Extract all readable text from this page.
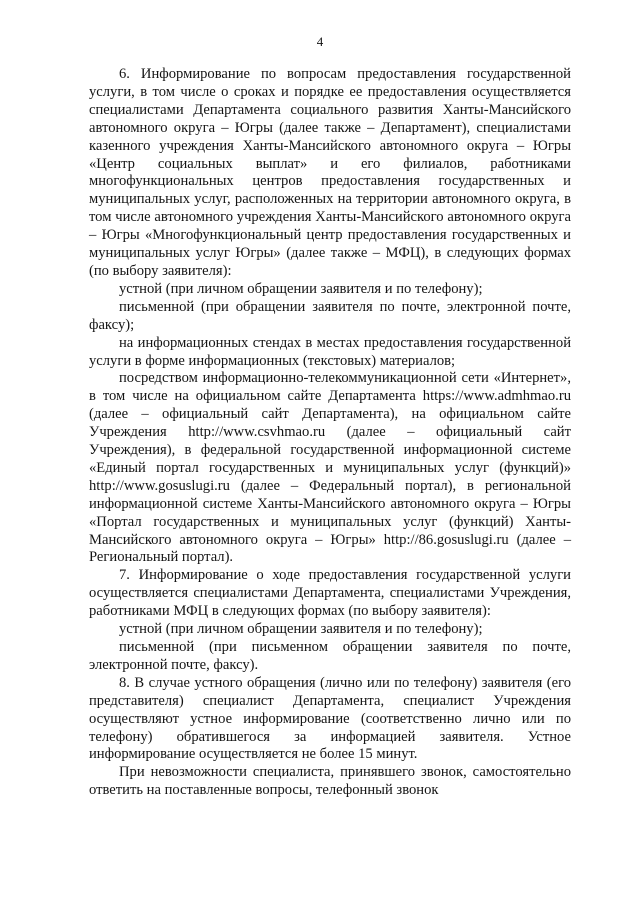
4

6. Информирование по вопросам предоставления государственной услуги, в том числе о сроках и порядке ее предоставления осуществляется специалистами Департамента социального развития Ханты-Мансийского автономного округа – Югры (далее также – Департамент), специалистами казенного учреждения Ханты-Мансийского автономного округа – Югры «Центр социальных выплат» и его филиалов, работниками многофункциональных центров предоставления государственных и муниципальных услуг, расположенных на территории автономного округа, в том числе автономного учреждения Ханты-Мансийского автономного округа – Югры «Многофункциональный центр предоставления государственных и муниципальных услуг Югры» (далее также – МФЦ), в следующих формах (по выбору заявителя):

устной (при личном обращении заявителя и по телефону);

письменной (при обращении заявителя по почте, электронной почте, факсу);

на информационных стендах в местах предоставления государственной услуги в форме информационных (текстовых) материалов;

посредством информационно-телекоммуникационной сети «Интернет», в том числе на официальном сайте Департамента https://www.admhmao.ru (далее – официальный сайт Департамента), на официальном сайте Учреждения http://www.csvhmao.ru (далее – официальный сайт Учреждения), в федеральной государственной информационной системе «Единый портал государственных и муниципальных услуг (функций)» http://www.gosuslugi.ru (далее – Федеральный портал), в региональной информационной системе Ханты-Мансийского автономного округа – Югры «Портал государственных и муниципальных услуг (функций) Ханты-Мансийского автономного округа – Югры» http://86.gosuslugi.ru (далее – Региональный портал).

7. Информирование о ходе предоставления государственной услуги осуществляется специалистами Департамента, специалистами Учреждения, работниками МФЦ в следующих формах (по выбору заявителя):

устной (при личном обращении заявителя и по телефону);

письменной (при письменном обращении заявителя по почте, электронной почте, факсу).

8. В случае устного обращения (лично или по телефону) заявителя (его представителя) специалист Департамента, специалист Учреждения осуществляют устное информирование (соответственно лично или по телефону) обратившегося за информацией заявителя. Устное информирование осуществляется не более 15 минут.

При невозможности специалиста, принявшего звонок, самостоятельно ответить на поставленные вопросы, телефонный звонок
